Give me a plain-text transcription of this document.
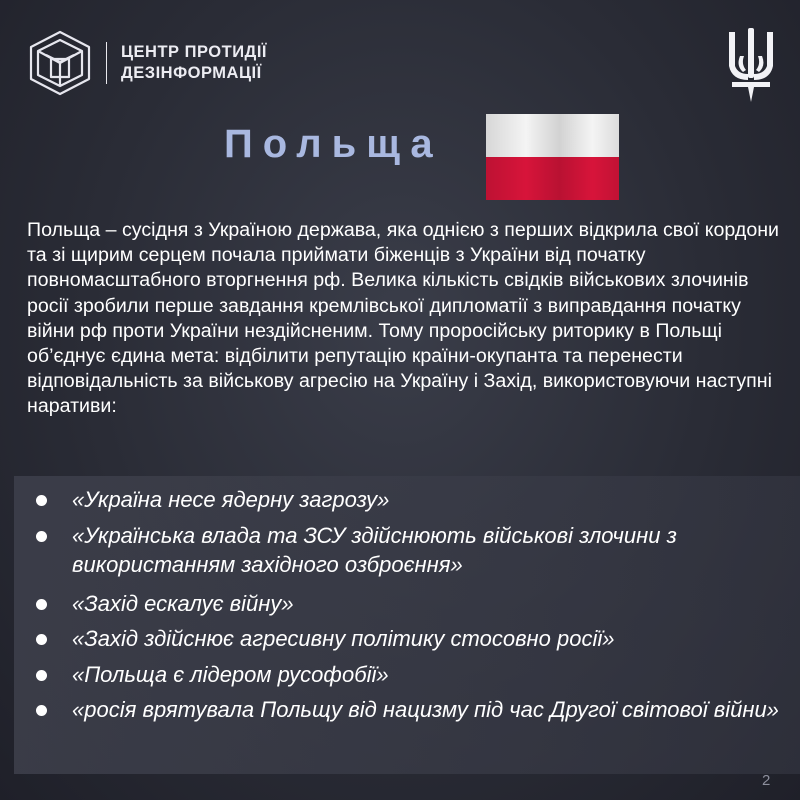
ЦЕНТР ПРОТИДІЇ
ДЕЗІНФОРМАЦІЇ
Польща

Польща – сусідня з Україною держава, яка однією з перших відкрила свої кордони та зі щирим серцем почала приймати біженців з України від початку повномасштабного вторгнення рф. Велика кількість свідків військових злочинів росії зробили перше завдання кремлівської дипломатії з виправдання початку війни рф проти України нездійсненим. Тому проросійську риторику в Польщі об’єднує єдина мета: відбілити репутацію країни-окупанта та перенести відповідальність за військову агресію на Україну і Захід, використовуючи наступні наративи:

«Україна несе ядерну загрозу»
«Українська влада та ЗСУ здійснюють військові злочини з використанням західного озброєння»
«Захід ескалує війну»
«Захід здійснює агресивну політику стосовно росії»
«Польща є лідером русофобії»
«росія врятувала Польщу від нацизму під час Другої світової війни»
2
